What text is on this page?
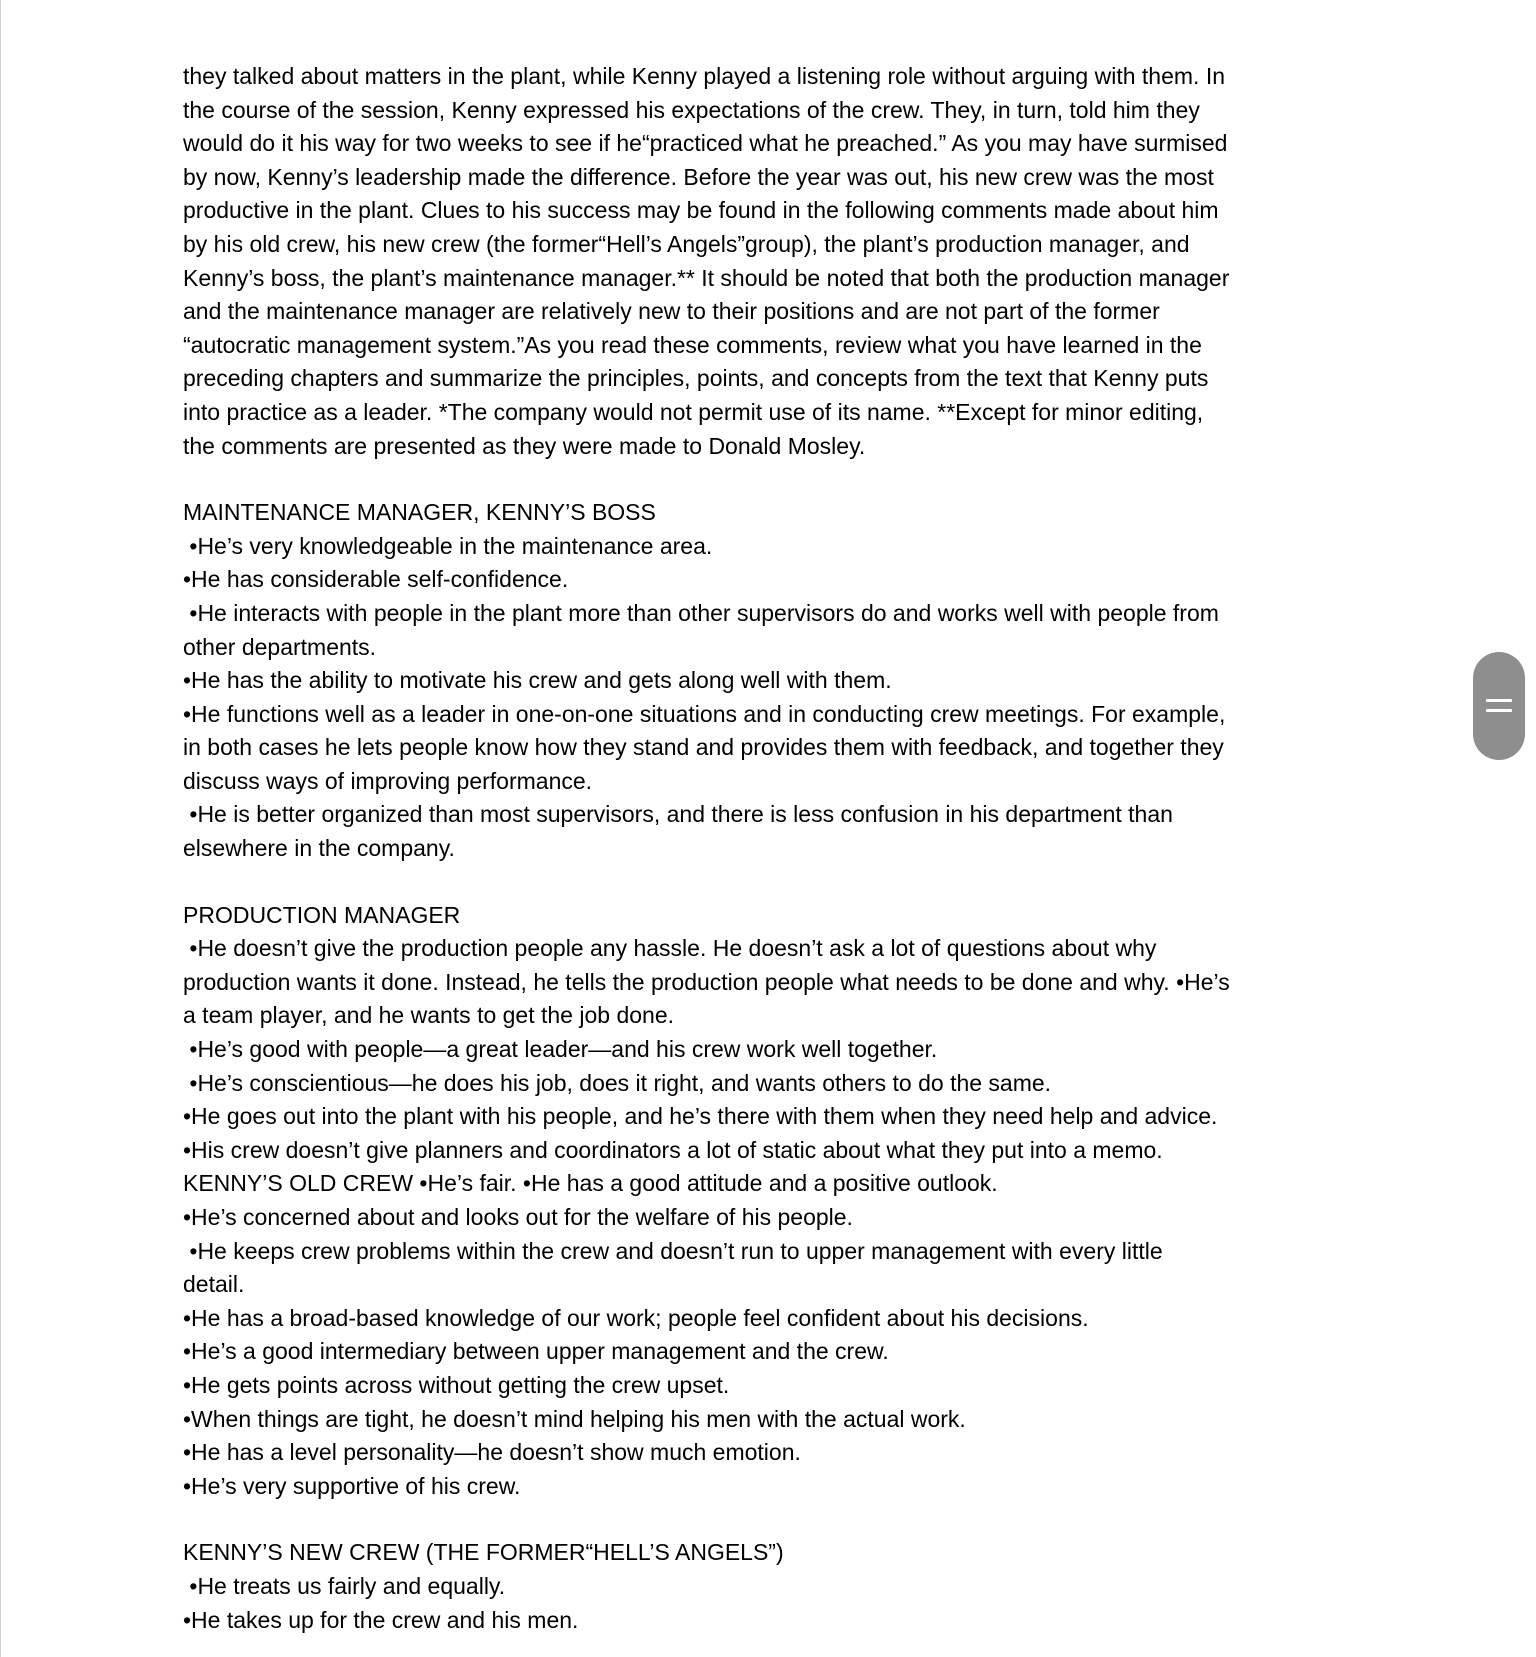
they talked about matters in the plant, while Kenny played a listening role without arguing with them. In

the course of the session, Kenny expressed his expectations of the crew. They, in turn, told him they

would do it his way for two weeks to see if he“practiced what he preached.” As you may have surmised

by now, Kenny’s leadership made the difference. Before the year was out, his new crew was the most

productive in the plant. Clues to his success may be found in the following comments made about him

by his old crew, his new crew (the former“Hell’s Angels”group), the plant’s production manager, and

Kenny’s boss, the plant’s maintenance manager.** It should be noted that both the production manager

and the maintenance manager are relatively new to their positions and are not part of the former

“autocratic management system.”As you read these comments, review what you have learned in the

preceding chapters and summarize the principles, points, and concepts from the text that Kenny puts

into practice as a leader. *The company would not permit use of its name. **Except for minor editing,

the comments are presented as they were made to Donald Mosley.

MAINTENANCE MANAGER, KENNY’S BOSS

•He’s very knowledgeable in the maintenance area.

•He has considerable self-confidence.

•He interacts with people in the plant more than other supervisors do and works well with people from

other departments.

•He has the ability to motivate his crew and gets along well with them.

•He functions well as a leader in one-on-one situations and in conducting crew meetings. For example,

in both cases he lets people know how they stand and provides them with feedback, and together they

discuss ways of improving performance.

•He is better organized than most supervisors, and there is less confusion in his department than

elsewhere in the company.

PRODUCTION MANAGER

•He doesn’t give the production people any hassle. He doesn’t ask a lot of questions about why

production wants it done. Instead, he tells the production people what needs to be done and why. •He’s

a team player, and he wants to get the job done.

•He’s good with people—a great leader—and his crew work well together.

•He’s conscientious—he does his job, does it right, and wants others to do the same.

•He goes out into the plant with his people, and he’s there with them when they need help and advice.

•His crew doesn’t give planners and coordinators a lot of static about what they put into a memo.

KENNY’S OLD CREW •He’s fair. •He has a good attitude and a positive outlook.

•He’s concerned about and looks out for the welfare of his people.

•He keeps crew problems within the crew and doesn’t run to upper management with every little

detail.

•He has a broad-based knowledge of our work; people feel confident about his decisions.

•He’s a good intermediary between upper management and the crew.

•He gets points across without getting the crew upset.

•When things are tight, he doesn’t mind helping his men with the actual work.

•He has a level personality—he doesn’t show much emotion.

•He’s very supportive of his crew.

KENNY’S NEW CREW (THE FORMER“HELL’S ANGELS”)

•He treats us fairly and equally.

•He takes up for the crew and his men.
